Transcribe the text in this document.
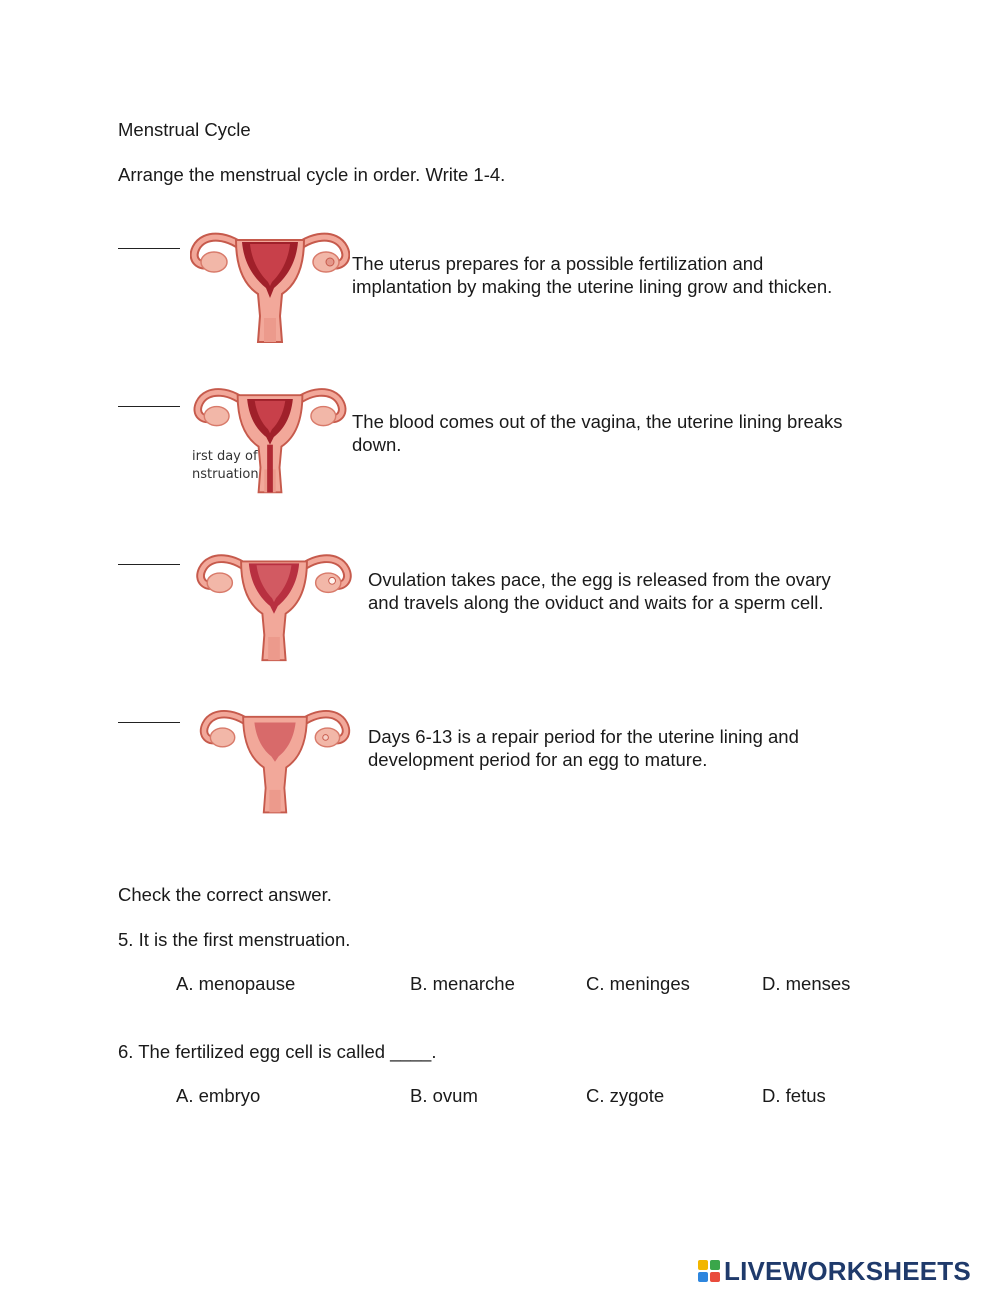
Menstrual Cycle
Arrange the menstrual cycle in order. Write 1-4.
The uterus prepares for a possible fertilization and
implantation by making the uterine lining grow and thicken.
irst day of
nstruation
The blood comes out of the vagina, the uterine lining breaks
down.
Ovulation takes pace, the egg is released from the ovary
and travels along the oviduct and waits for a sperm cell.
Days 6-13 is a repair period for the uterine lining and
development period for an egg to mature.
Check the correct answer.
5. It is the first menstruation.
A. menopause	B. menarche	C. meninges	D. menses
6. The fertilized egg cell is called ____.
A. embryo	B. ovum	C. zygote	D. fetus
LIVEWORKSHEETS
